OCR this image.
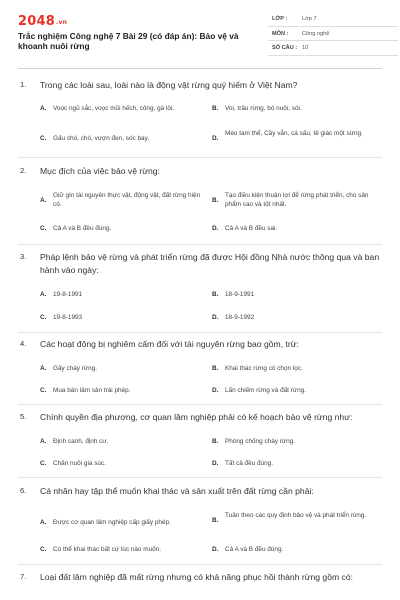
2048.vn
Trắc nghiệm Công nghệ 7 Bài 29 (có đáp án): Bảo vệ và khoanh nuôi rừng
LỚP :	Lớp 7
MÔN : Công nghệ
SỐ CÂU : 10
1. Trong các loài sau, loài nào là động vật rừng quý hiếm ở Việt Nam?
A. Voọc ngũ sắc, voọc mũi hếch, công, gà lôi.	B. Voi, trâu rừng, bò nuôi, sói.
C. Gấu chó, chó, vượn đen, sóc bay.	D.
Mèo tam thể, Cầy vằn, cá sấu, tê giác một sừng.
2. Mục đích của việc bảo vệ rừng:
A.
Giữ gìn tài nguyên thực vật, động vật, đất rừng hiện có.
B.
Tạo điều kiện thuận lợi để rừng phát triển, cho sản phẩm cao và tốt nhất.
C. Cả A và B đều đúng.	D. Cả A và B đều sai.
3. Pháp lệnh bảo vệ rừng và phát triển rừng đã được Hội đồng Nhà nước thông qua và ban hành vào ngày:
A. 19-8-1991	B. 18-9-1991
C. 19-8-1993	D. 18-9-1992
4. Các hoạt động bị nghiêm cấm đối với tài nguyên rừng bao gồm, trừ:
A. Gây cháy rừng.	B. Khai thác rừng có chọn lọc.
C. Mua bán lâm sản trái phép.	D. Lấn chiếm rừng và đất rừng.
5. Chính quyền địa phương, cơ quan lâm nghiệp phải có kế hoạch bảo vệ rừng như:
A. Định canh, định cư.	B. Phòng chống cháy rừng.
C. Chăn nuôi gia súc.	D. Tất cả đều đúng.
6. Cá nhân hay tập thể muốn khai thác và sản xuất trên đất rừng cần phải:
A. Được cơ quan lâm nghiệp cấp giấy phép.	B.
Tuân theo các quy định bảo vệ và phát triển rừng.
C. Có thể khai thác bất cứ lúc nào muốn.	D. Cả A và B đều đúng.
7. Loại đất lâm nghiệp đã mất rừng nhưng có khả năng phục hồi thành rừng gồm có:
